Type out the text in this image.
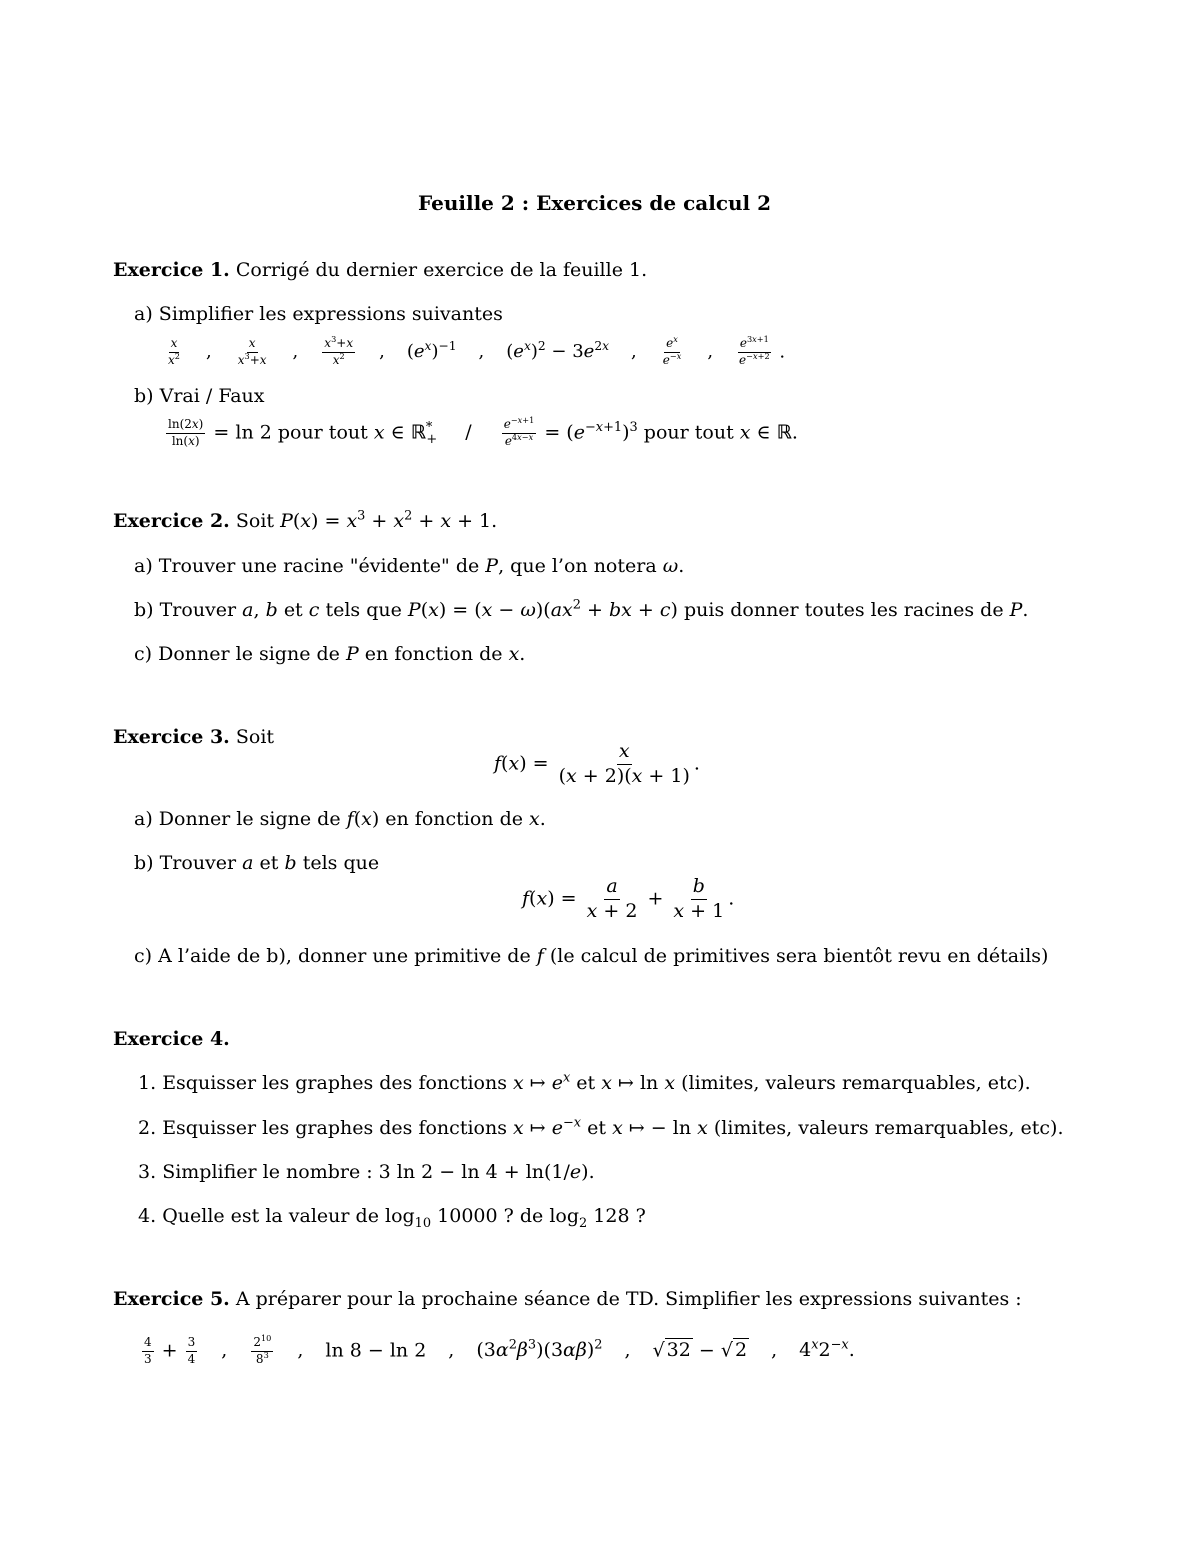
Feuille 2 : Exercices de calcul 2
Exercice 1. Corrigé du dernier exercice de la feuille 1.
a) Simplifier les expressions suivantes
$\frac{x}{x^2}$ , $\frac{x}{x^3+x}$ , $\frac{x^3+x}{x^2}$ , $(e^x)^{-1}$ , $(e^x)^2 - 3e^{2x}$ , $\frac{e^x}{e^{-x}}$ , $\frac{e^{3x+1}}{e^{-x+2}}$ .
b) Vrai / Faux
$\frac{\ln(2x)}{\ln(x)} = \ln 2$ pour tout x ∈ ℝ*$_+$ /	$\frac{e^{-x+1}}{e^{4x-x}} = (e^{-x+1})^3$ pour tout x ∈ ℝ.
Exercice 2. Soit $P(x) = x^3 + x^2 + x + 1$.
a) Trouver une racine "évidente" de P, que l’on notera ω.
b) Trouver a, b et c tels que $P(x) = (x - \omega)(ax^2$ + bx + c) puis donner toutes les racines de P.
c) Donner le signe de P en fonction de x.
Exercice 3. Soit
$f(x) = \frac{x}{(x + 2)(x + 1)}$ .
a) Donner le signe de f(x) en fonction de x.
b) Trouver a et b tels que
$f(x) = \frac{a}{x + 2} + \frac{b}{x + 1}$ .
c) A l’aide de b), donner une primitive de f (le calcul de primitives sera bientôt revu en détails)
Exercice 4.
1. Esquisser les graphes des fonctions x ↦ $e^x$ et x ↦ ln x (limites, valeurs remarquables, etc).
2. Esquisser les graphes des fonctions x ↦ $e^{-x}$ et x ↦ − ln x (limites, valeurs remarquables, etc).
3. Simplifier le nombre : 3 ln 2 − ln 4 + ln(1/e).
4. Quelle est la valeur de $\log_{10} 10000$ ? de $\log_2 128$ ?
Exercice 5. A préparer pour la prochaine séance de TD. Simplifier les expressions suivantes :
$\frac{4}{3} + \frac{3}{4}$ , $\frac{2^{10}}{8^3}$ , ln 8 − ln 2 , $(3\alpha^2\beta^3)(3\alpha\beta)^2$ , √ 32 − √ 2 , $4^x2^{-x}$.
